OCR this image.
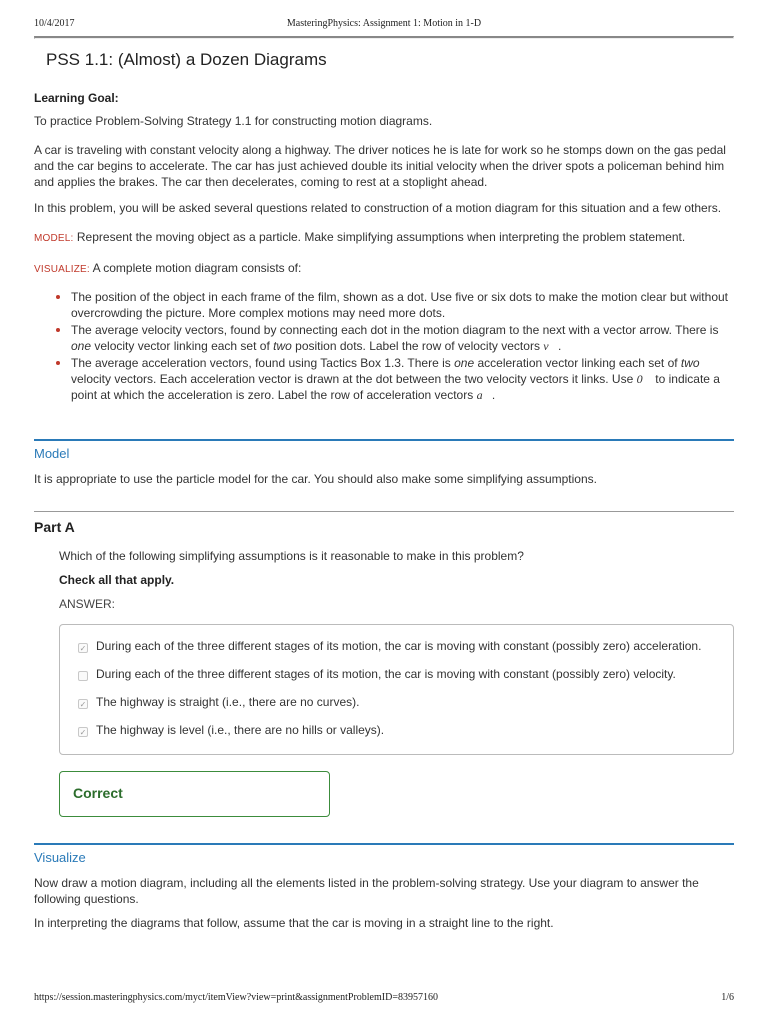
10/4/2017	MasteringPhysics: Assignment 1: Motion in 1-D
PSS 1.1: (Almost) a Dozen Diagrams
Learning Goal:

To practice Problem-Solving Strategy 1.1 for constructing motion diagrams.

A car is traveling with constant velocity along a highway. The driver notices he is late for work so he stomps down on the gas pedal and the car begins to accelerate. The car has just achieved double its initial velocity when the driver spots a policeman behind him and applies the brakes. The car then decelerates, coming to rest at a stoplight ahead.

In this problem, you will be asked several questions related to construction of a motion diagram for this situation and a few others.

MODEL: Represent the moving object as a particle. Make simplifying assumptions when interpreting the problem statement.

VISUALIZE: A complete motion diagram consists of:

The position of the object in each frame of the film, shown as a dot. Use five or six dots to make the motion clear but without overcrowding the picture. More complex motions may need more dots.
The average velocity vectors, found by connecting each dot in the motion diagram to the next with a vector arrow. There is one velocity vector linking each set of two position dots. Label the row of velocity vectors v⃗.
The average acceleration vectors, found using Tactics Box 1.3. There is one acceleration vector linking each set of two velocity vectors. Each acceleration vector is drawn at the dot between the two velocity vectors it links. Use 0⃗ to indicate a point at which the acceleration is zero. Label the row of acceleration vectors a⃗.
Model

It is appropriate to use the particle model for the car. You should also make some simplifying assumptions.

Part A

Which of the following simplifying assumptions is it reasonable to make in this problem?

Check all that apply.

ANSWER:

✓ During each of the three different stages of its motion, the car is moving with constant (possibly zero) acceleration.
During each of the three different stages of its motion, the car is moving with constant (possibly zero) velocity.
✓ The highway is straight (i.e., there are no curves).
✓ The highway is level (i.e., there are no hills or valleys).
Correct
Visualize

Now draw a motion diagram, including all the elements listed in the problem-solving strategy. Use your diagram to answer the following questions.

In interpreting the diagrams that follow, assume that the car is moving in a straight line to the right.

https://session.masteringphysics.com/myct/itemView?view=print&assignmentProblemID=83957160	1/6
